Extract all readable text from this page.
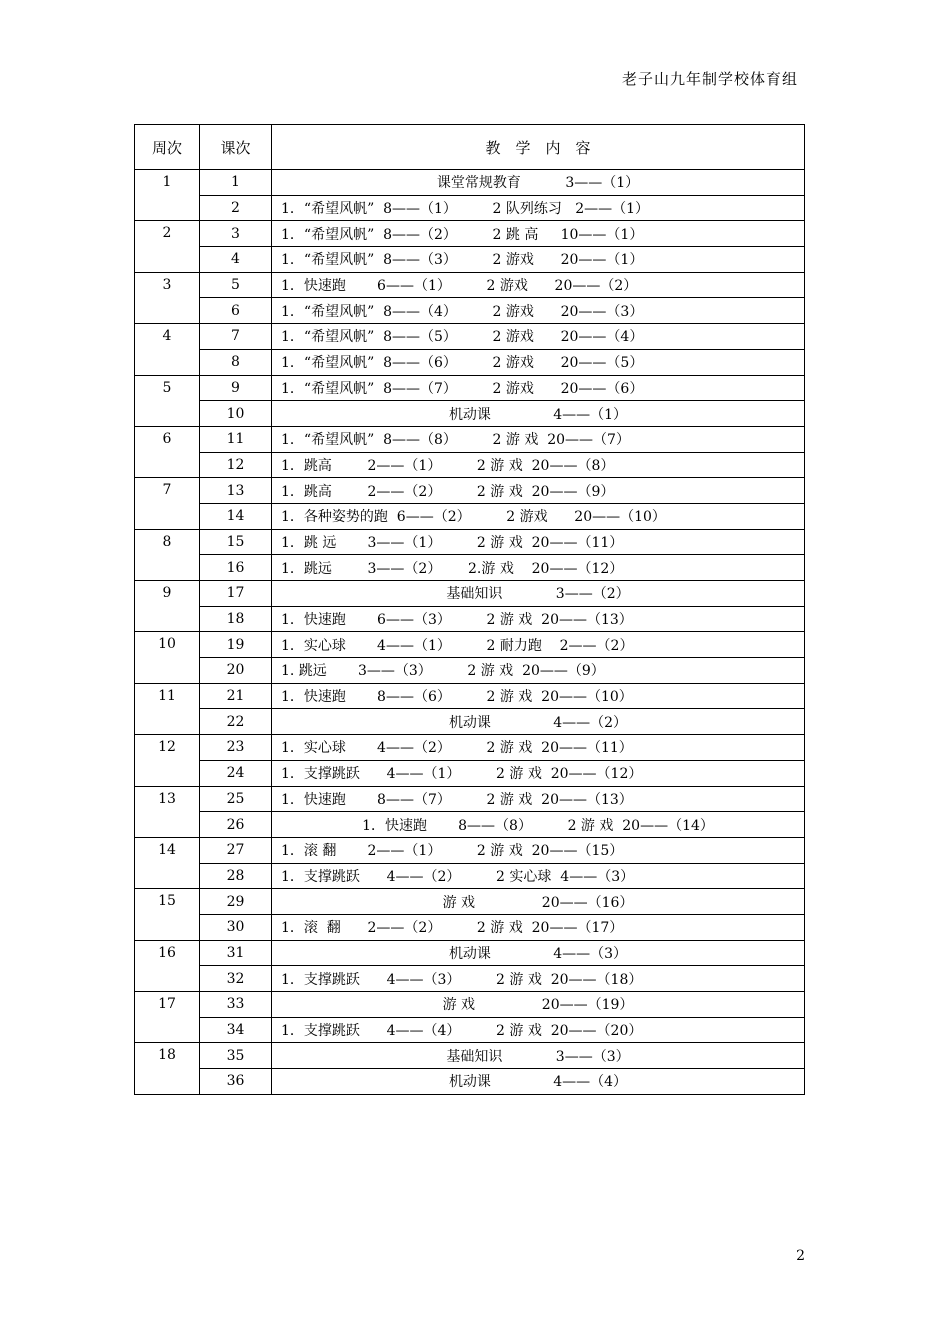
老子山九年制学校体育组
周次	课次	教　学　内　容
1	1	课堂常规教育          3——（1）
	2	1．“希望风帆”  8——（1）        2 队列练习   2——（1）
2	3	1．“希望风帆”  8——（2）        2 跳 高     10——（1）
	4	1．“希望风帆”  8——（3）        2 游戏      20——（1）
3	5	1．快速跑       6——（1）        2 游戏      20——（2）
	6	1．“希望风帆”  8——（4）        2 游戏      20——（3）
4	7	1．“希望风帆”  8——（5）        2 游戏      20——（4）
	8	1．“希望风帆”  8——（6）        2 游戏      20——（5）
5	9	1．“希望风帆”  8——（7）        2 游戏      20——（6）
	10	机动课              4——（1）
6	11	1．“希望风帆”  8——（8）        2 游 戏  20——（7）
	12	1．跳高        2——（1）        2 游 戏  20——（8）
7	13	1．跳高        2——（2）        2 游 戏  20——（9）
	14	1．各种姿势的跑  6——（2）        2 游戏      20——（10）
8	15	1．跳 远       3——（1）        2 游 戏  20——（11）
	16	1．跳远        3——（2）      2.游 戏    20——（12）
9	17	基础知识            3——（2）
	18	1．快速跑       6——（3）        2 游 戏  20——（13）
10	19	1．实心球       4——（1）        2 耐力跑    2——（2）
	20	1. 跳远       3——（3）        2 游 戏  20——（9）
11	21	1．快速跑       8——（6）        2 游 戏  20——（10）
	22	机动课              4——（2）
12	23	1．实心球       4——（2）        2 游 戏  20——（11）
	24	1．支撑跳跃      4——（1）        2 游 戏  20——（12）
13	25	1．快速跑       8——（7）        2 游 戏  20——（13）
	26	1．快速跑       8——（8）        2 游 戏  20——（14）
14	27	1．滚 翻       2——（1）        2 游 戏  20——（15）
	28	1．支撑跳跃      4——（2）        2 实心球  4——（3）
15	29	游 戏               20——（16）
	30	1．滚  翻      2——（2）        2 游 戏  20——（17）
16	31	机动课              4——（3）
	32	1．支撑跳跃      4——（3）        2 游 戏  20——（18）
17	33	游 戏               20——（19）
	34	1．支撑跳跃      4——（4）        2 游 戏  20——（20）
18	35	基础知识            3——（3）
	36	机动课              4——（4）
2
